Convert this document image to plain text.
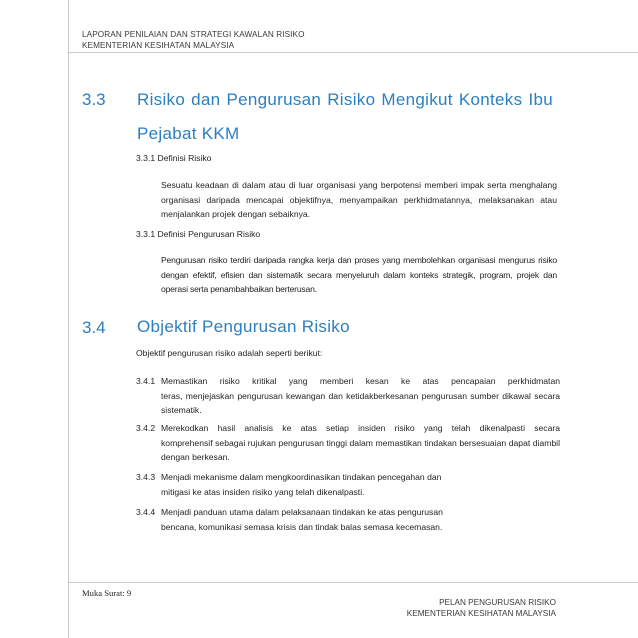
LAPORAN PENILAIAN DAN STRATEGI KAWALAN RISIKO
KEMENTERIAN KESIHATAN MALAYSIA
3.3 Risiko dan Pengurusan Risiko Mengikut Konteks Ibu
Pejabat KKM
3.3.1 Definisi Risiko
Sesuatu keadaan di dalam atau di luar organisasi yang berpotensi memberi impak serta menghalang organisasi daripada mencapai objektifnya, menyampaikan perkhidmatannya, melaksanakan atau menjalankan projek dengan sebaiknya.
3.3.1 Definisi Pengurusan Risiko
Pengurusan risiko terdiri daripada rangka kerja dan proses yang membolehkan organisasi mengurus risiko dengan efektif, efisien dan sistematik secara menyeluruh dalam konteks strategik, program, projek dan operasi serta penambahbaikan berterusan.
3.4 Objektif Pengurusan Risiko
Objektif pengurusan risiko adalah seperti berikut:
3.4.1 Memastikan risiko kritikal yang memberi kesan ke atas pencapaian perkhidmatan
teras, menjejaskan pengurusan kewangan dan ketidakberkesanan pengurusan sumber dikawal secara sistematik.
3.4.2 Merekodkan hasil analisis ke atas setiap insiden risiko yang telah dikenalpasti secara
komprehensif sebagai rujukan pengurusan tinggi dalam memastikan tindakan bersesuaian dapat diambil dengan berkesan.
3.4.3 Menjadi mekanisme dalam mengkoordinasikan tindakan pencegahan dan
mitigasi ke atas insiden risiko yang telah dikenalpasti.
3.4.4 Menjadi panduan utama dalam pelaksanaan tindakan ke atas pengurusan
bencana, komunikasi semasa krisis dan tindak balas semasa kecemasan.
Muka Surat: 9
PELAN PENGURUSAN RISIKO
KEMENTERIAN KESIHATAN MALAYSIA
